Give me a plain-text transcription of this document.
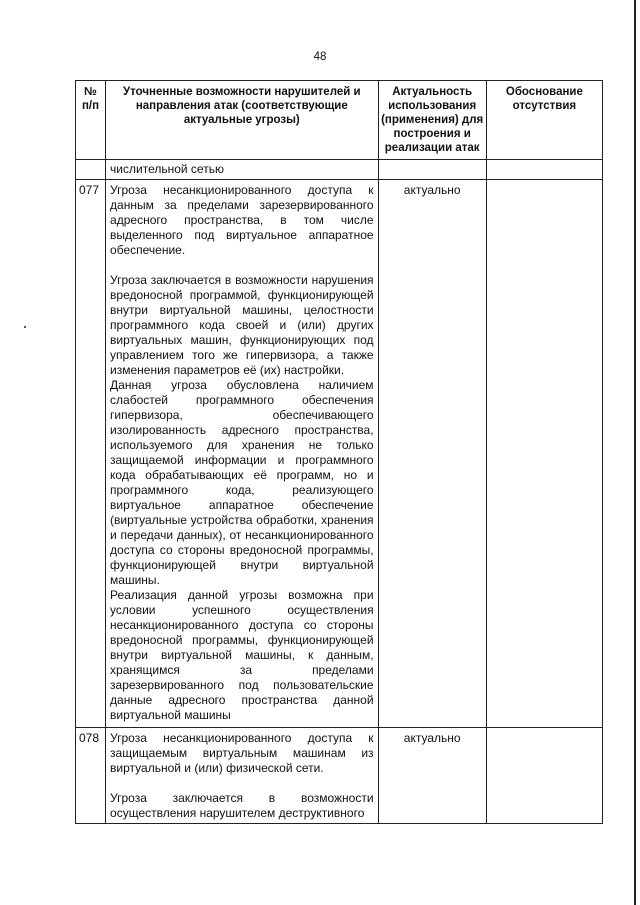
48
№ п/п	Уточненные возможности нарушителей и направления атак (соответствующие актуальные угрозы)	Актуальность использования (применения) для построения и реализации атак	Обоснование отсутствия
	числительной сетью		
077	Угроза несанкционированного доступа к данным за пределами зарезервированного адресного пространства, в том числе выделенного под виртуальное аппаратное обеспечение.

Угроза заключается в возможности нарушения вредоносной программой, функционирующей внутри виртуальной машины, целостности программного кода своей и (или) других виртуальных машин, функционирующих под управлением того же гипервизора, а также изменения параметров её (их) настройки.

Данная угроза обусловлена наличием слабостей программного обеспечения гипервизора, обеспечивающего изолированность адресного пространства, используемого для хранения не только защищаемой информации и программного кода обрабатывающих её программ, но и программного кода, реализующего виртуальное аппаратное обеспечение (виртуальные устройства обработки, хранения и передачи данных), от несанкционированного доступа со стороны вредоносной программы, функционирующей внутри виртуальной машины.

Реализация данной угрозы возможна при условии успешного осуществления несанкционированного доступа со стороны вредоносной программы, функционирующей внутри виртуальной машины, к данным, хранящимся за пределами зарезервированного под пользовательские данные адресного пространства данной виртуальной машины	актуально	
078	Угроза несанкционированного доступа к защищаемым виртуальным машинам из виртуальной и (или) физической сети.

Угроза заключается в возможности осуществления нарушителем деструктивного	актуально	
